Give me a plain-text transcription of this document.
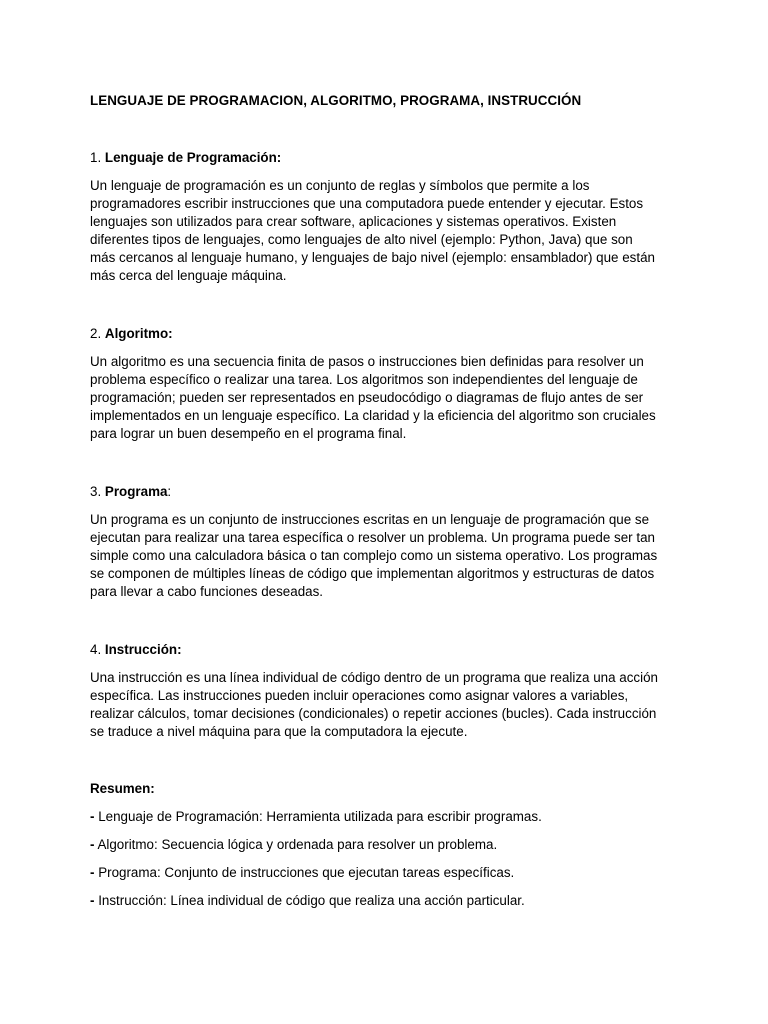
LENGUAJE DE PROGRAMACION, ALGORITMO, PROGRAMA, INSTRUCCIÓN

1. Lenguaje de Programación:

Un lenguaje de programación es un conjunto de reglas y símbolos que permite a los
programadores escribir instrucciones que una computadora puede entender y ejecutar. Estos
lenguajes son utilizados para crear software, aplicaciones y sistemas operativos. Existen
diferentes tipos de lenguajes, como lenguajes de alto nivel (ejemplo: Python, Java) que son
más cercanos al lenguaje humano, y lenguajes de bajo nivel (ejemplo: ensamblador) que están
más cerca del lenguaje máquina.

2. Algoritmo:

Un algoritmo es una secuencia finita de pasos o instrucciones bien definidas para resolver un
problema específico o realizar una tarea. Los algoritmos son independientes del lenguaje de
programación; pueden ser representados en pseudocódigo o diagramas de flujo antes de ser
implementados en un lenguaje específico. La claridad y la eficiencia del algoritmo son cruciales
para lograr un buen desempeño en el programa final.

3. Programa:

Un programa es un conjunto de instrucciones escritas en un lenguaje de programación que se
ejecutan para realizar una tarea específica o resolver un problema. Un programa puede ser tan
simple como una calculadora básica o tan complejo como un sistema operativo. Los programas
se componen de múltiples líneas de código que implementan algoritmos y estructuras de datos
para llevar a cabo funciones deseadas.

4. Instrucción:

Una instrucción es una línea individual de código dentro de un programa que realiza una acción
específica. Las instrucciones pueden incluir operaciones como asignar valores a variables,
realizar cálculos, tomar decisiones (condicionales) o repetir acciones (bucles). Cada instrucción
se traduce a nivel máquina para que la computadora la ejecute.

Resumen:

- Lenguaje de Programación: Herramienta utilizada para escribir programas.

- Algoritmo: Secuencia lógica y ordenada para resolver un problema.

- Programa: Conjunto de instrucciones que ejecutan tareas específicas.

- Instrucción: Línea individual de código que realiza una acción particular.
